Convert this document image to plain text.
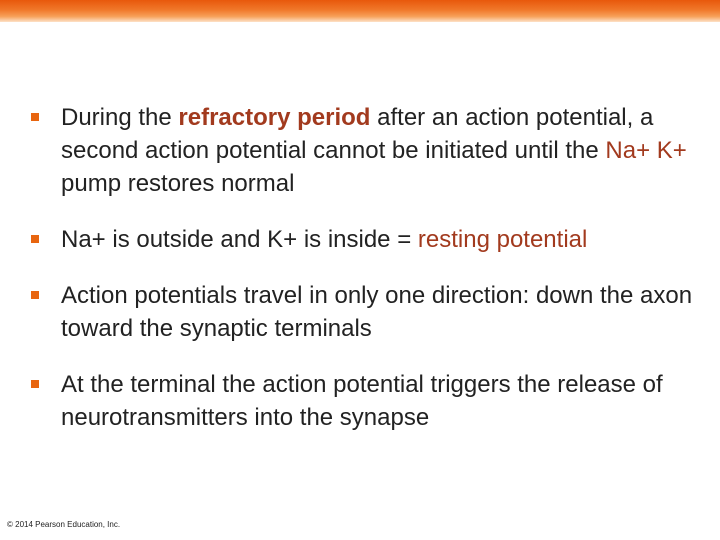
During the refractory period after an action potential, a second action potential cannot be initiated until the Na+ K+ pump restores normal
Na+ is outside and K+ is inside = resting potential
Action potentials travel in only one direction: down the axon toward the synaptic terminals
At the terminal the action potential triggers the release of neurotransmitters into the synapse
© 2014 Pearson Education, Inc.
